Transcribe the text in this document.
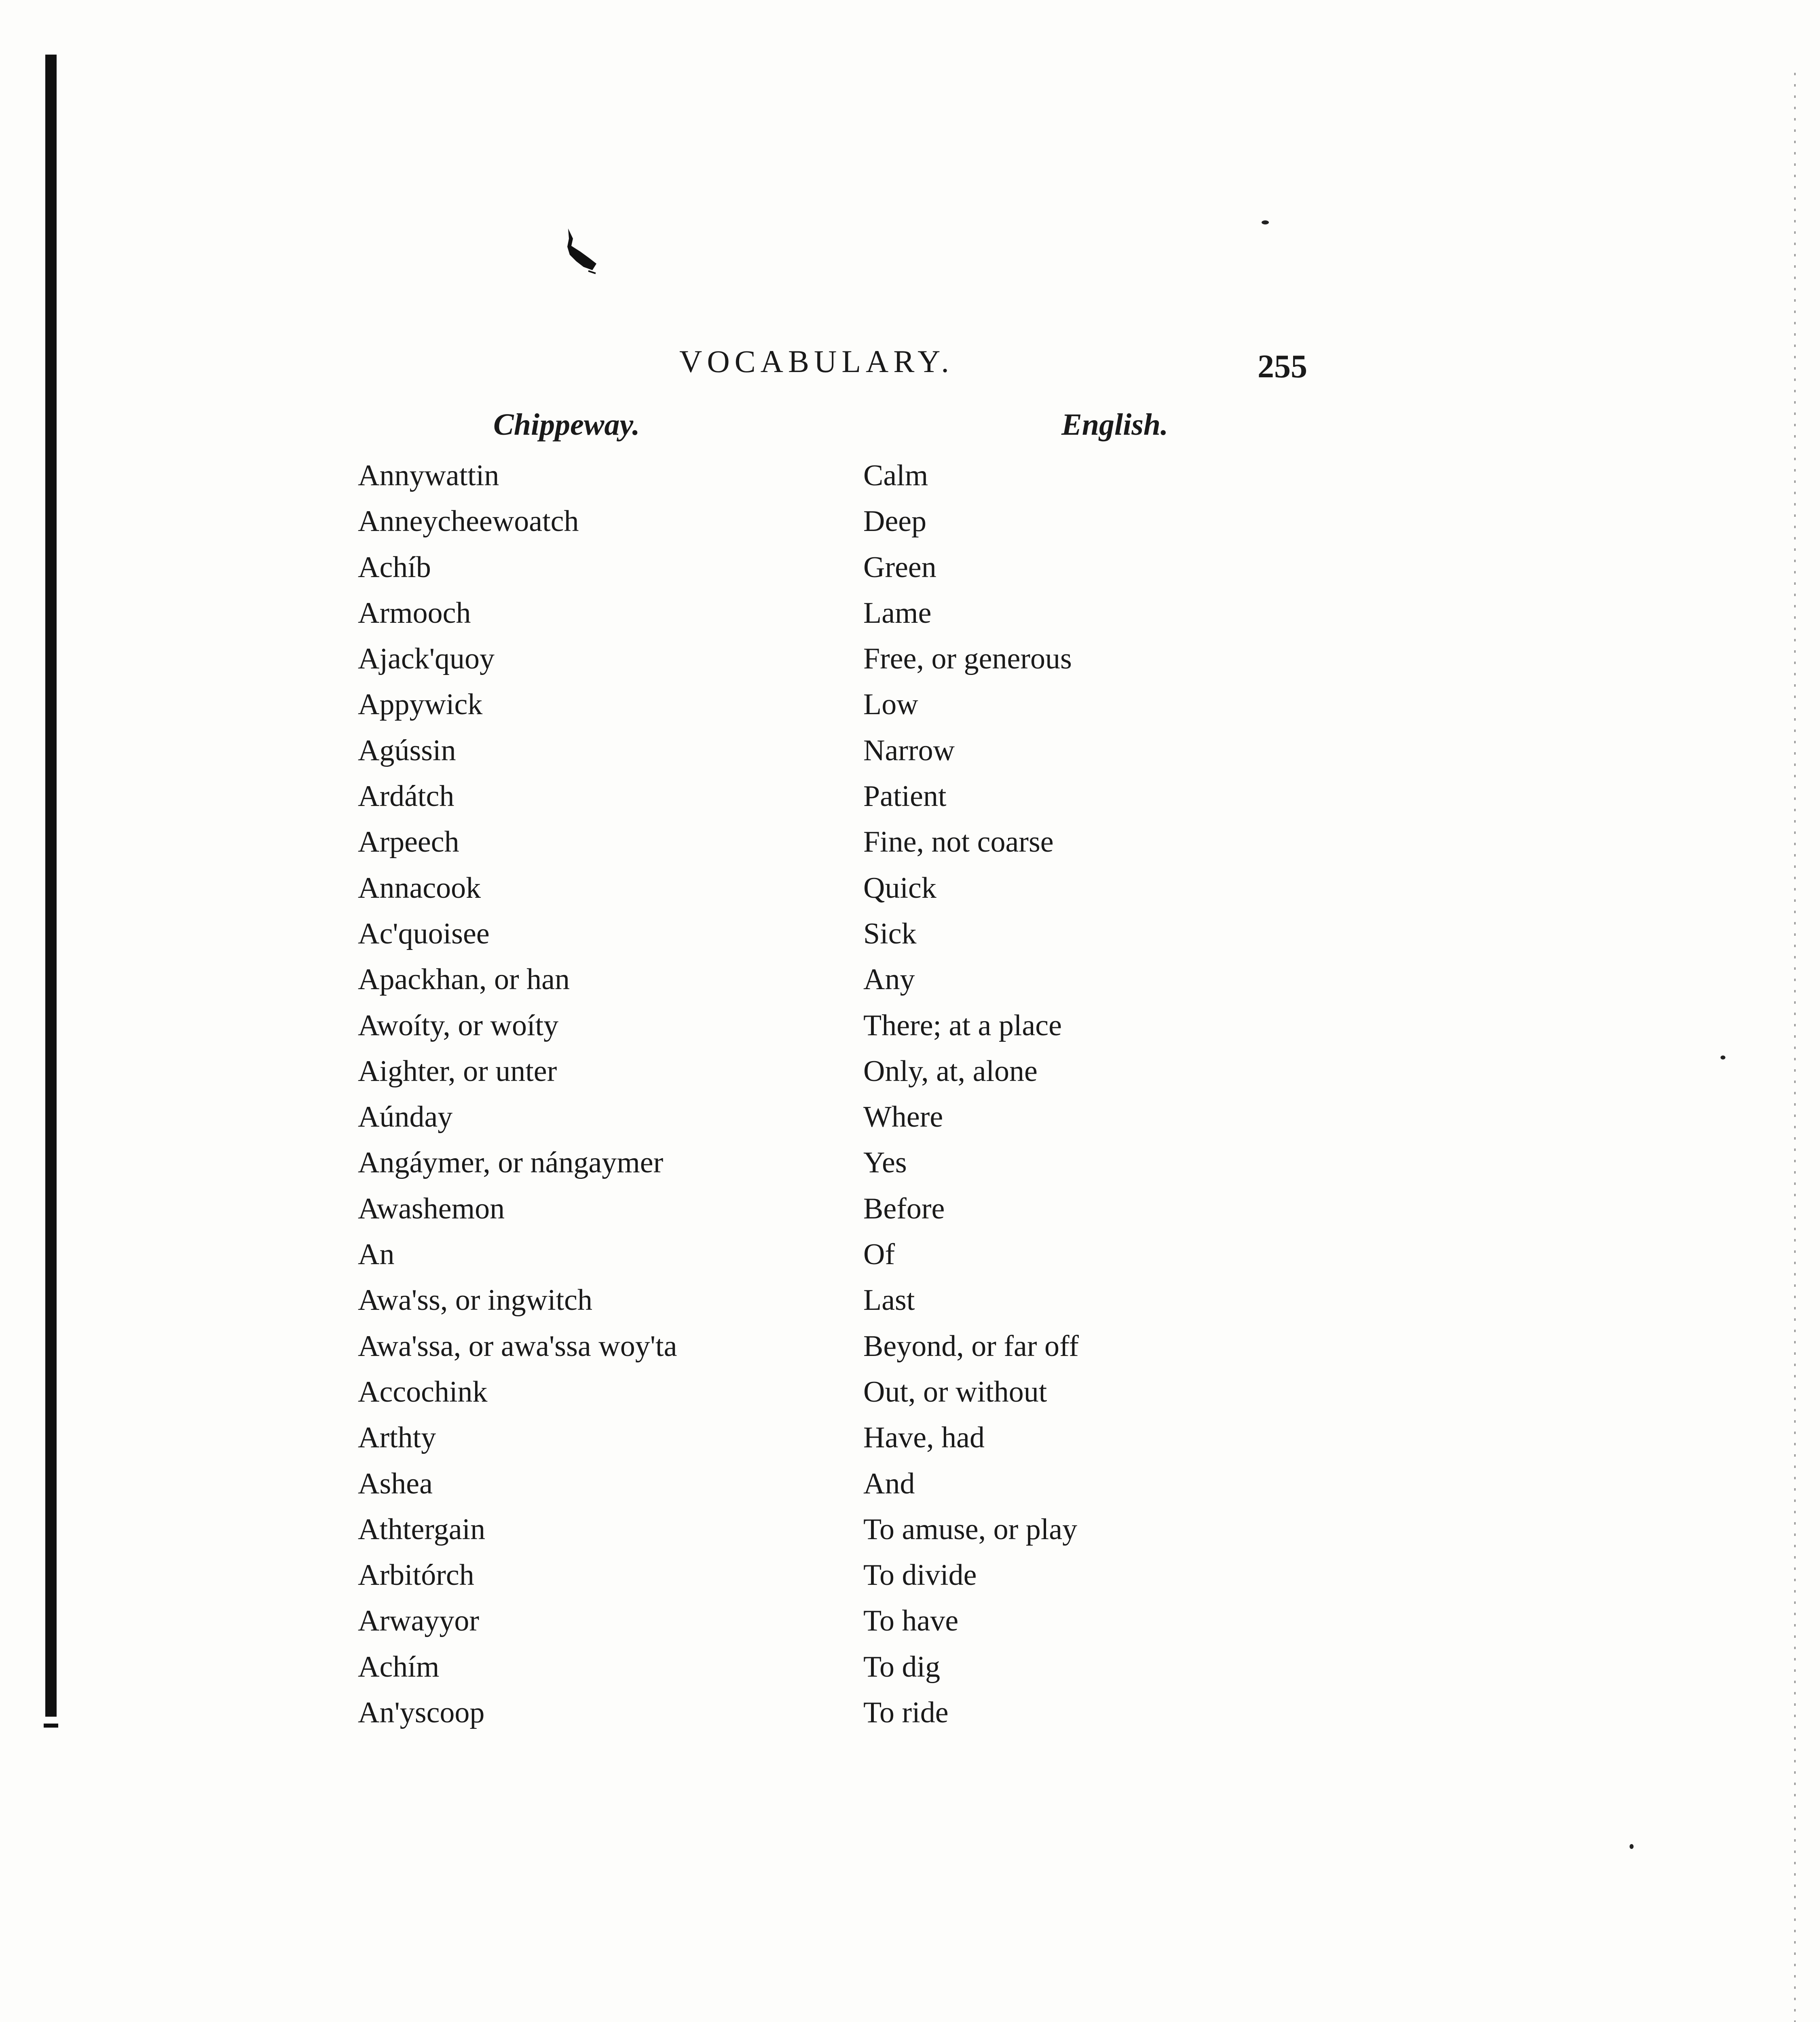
VOCABULARY.	255
Chippeway.	English.
Annywattin	Calm
Anneycheewoatch	Deep
Achíb	Green
Armooch	Lame
Ajack'quoy	Free, or generous
Appywick	Low
Agússin	Narrow
Ardátch	Patient
Arpeech	Fine, not coarse
Annacook	Quick
Ac'quoisee	Sick
Apackhan, or han	Any
Awoíty, or woíty	There; at a place
Aighter, or unter	Only, at, alone
Aúnday	Where
Angáymer, or nángaymer	Yes
Awashemon	Before
An	Of
Awa'ss, or ingwitch	Last
Awa'ssa, or awa'ssa woy'ta	Beyond, or far off
Accochink	Out, or without
Arthty	Have, had
Ashea	And
Athtergain	To amuse, or play
Arbitórch	To divide
Arwayyor	To have
Achím	To dig
An'yscoop	To ride
